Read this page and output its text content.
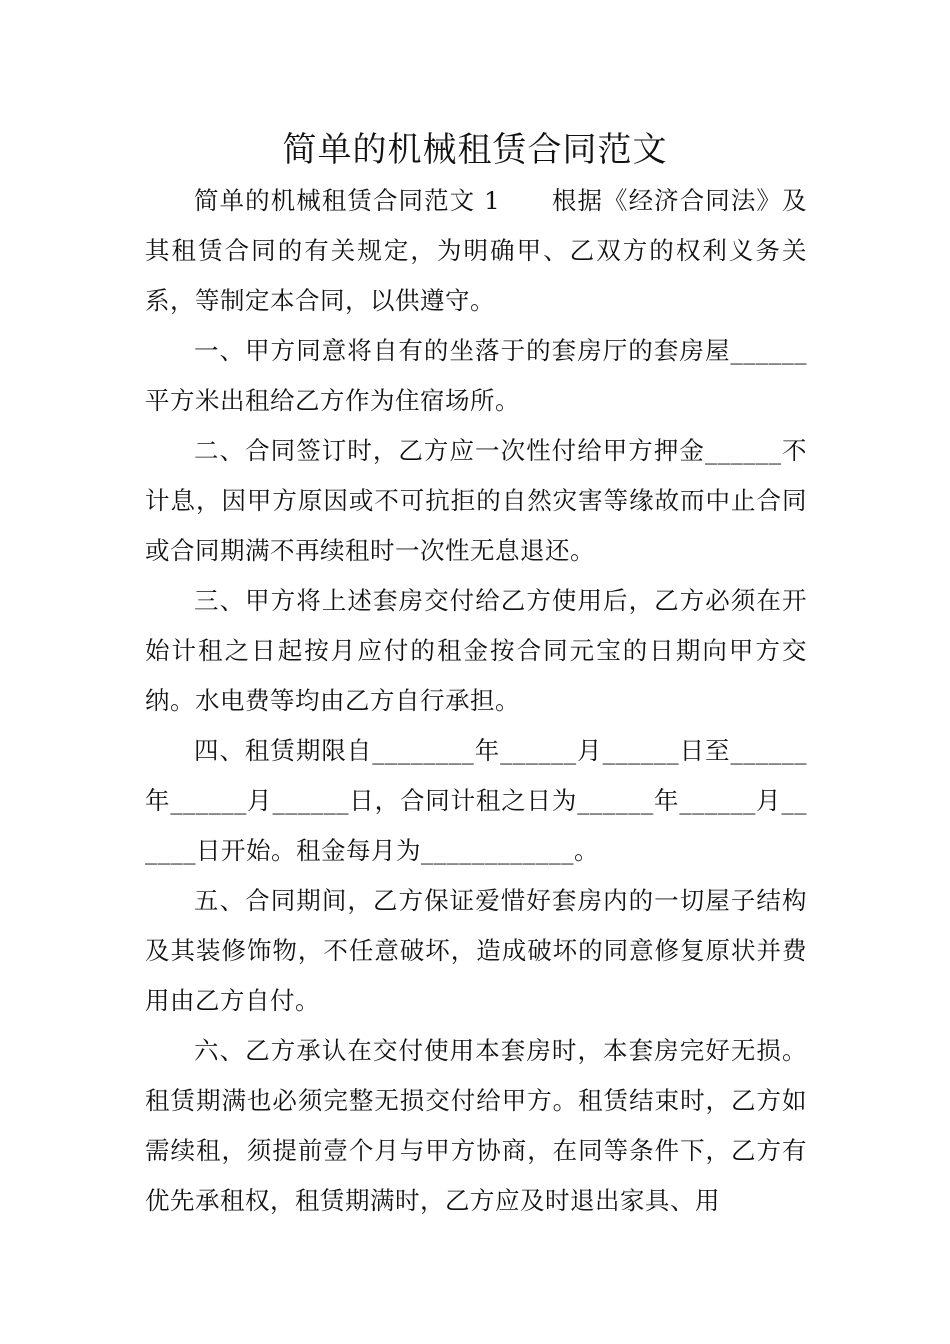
简单的机械租赁合同范文

简单的机械租赁合同范文 1　　根据《经济合同法》及其租赁合同的有关规定，为明确甲、乙双方的权利义务关系，等制定本合同，以供遵守。

一、甲方同意将自有的坐落于的套房厅的套房屋______平方米出租给乙方作为住宿场所。

二、合同签订时，乙方应一次性付给甲方押金______不计息，因甲方原因或不可抗拒的自然灾害等缘故而中止合同或合同期满不再续租时一次性无息退还。

三、甲方将上述套房交付给乙方使用后，乙方必须在开始计租之日起按月应付的租金按合同元宝的日期向甲方交纳。水电费等均由乙方自行承担。

四、租赁期限自________年______月______日至______年______月______日，合同计租之日为______年______月______日开始。租金每月为____________。

五、合同期间，乙方保证爱惜好套房内的一切屋子结构及其装修饰物，不任意破坏，造成破坏的同意修复原状并费用由乙方自付。

六、乙方承认在交付使用本套房时，本套房完好无损。租赁期满也必须完整无损交付给甲方。租赁结束时，乙方如需续租，须提前壹个月与甲方协商，在同等条件下，乙方有优先承租权，租赁期满时，乙方应及时退出家具、用
